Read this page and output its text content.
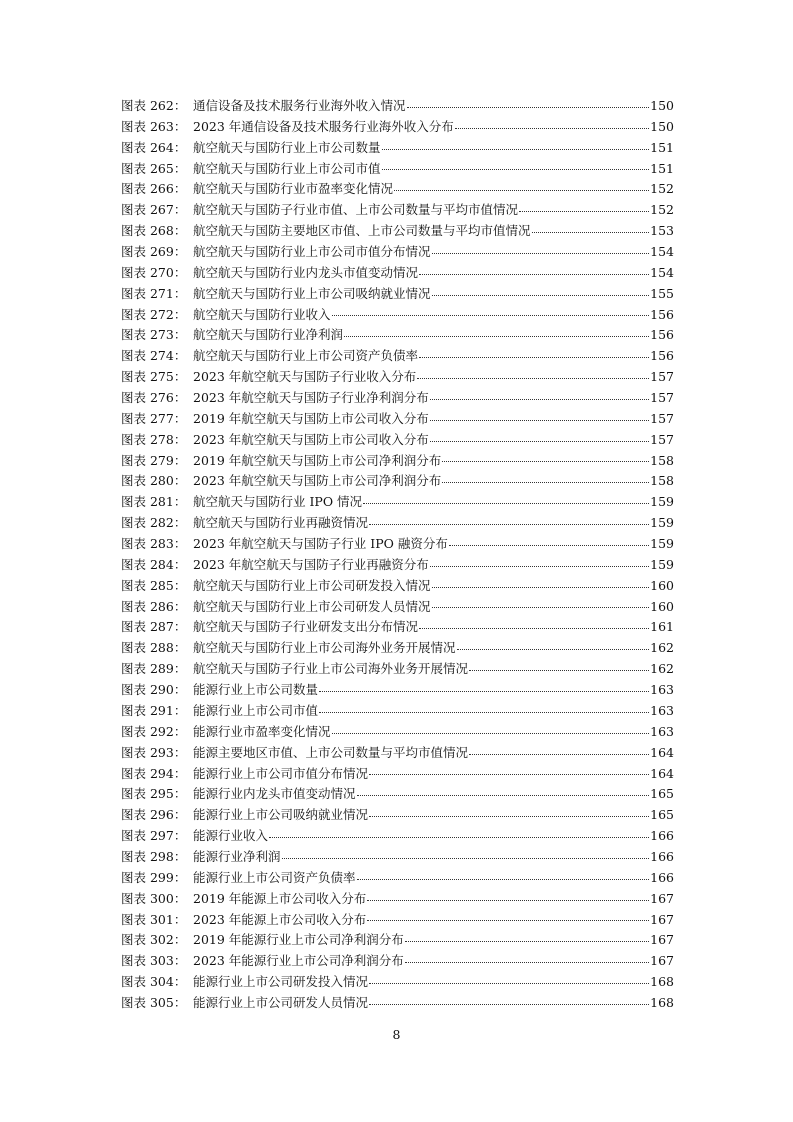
图表 262： 通信设备及技术服务行业海外收入情况	150
图表 263： 2023 年通信设备及技术服务行业海外收入分布	150
图表 264： 航空航天与国防行业上市公司数量	151
图表 265： 航空航天与国防行业上市公司市值	151
图表 266： 航空航天与国防行业市盈率变化情况	152
图表 267： 航空航天与国防子行业市值、上市公司数量与平均市值情况	152
图表 268： 航空航天与国防主要地区市值、上市公司数量与平均市值情况	153
图表 269： 航空航天与国防行业上市公司市值分布情况	154
图表 270： 航空航天与国防行业内龙头市值变动情况	154
图表 271： 航空航天与国防行业上市公司吸纳就业情况	155
图表 272： 航空航天与国防行业收入	156
图表 273： 航空航天与国防行业净利润	156
图表 274： 航空航天与国防行业上市公司资产负债率	156
图表 275： 2023 年航空航天与国防子行业收入分布	157
图表 276： 2023 年航空航天与国防子行业净利润分布	157
图表 277： 2019 年航空航天与国防上市公司收入分布	157
图表 278： 2023 年航空航天与国防上市公司收入分布	157
图表 279： 2019 年航空航天与国防上市公司净利润分布	158
图表 280： 2023 年航空航天与国防上市公司净利润分布	158
图表 281： 航空航天与国防行业 IPO 情况	159
图表 282： 航空航天与国防行业再融资情况	159
图表 283： 2023 年航空航天与国防子行业 IPO 融资分布	159
图表 284： 2023 年航空航天与国防子行业再融资分布	159
图表 285： 航空航天与国防行业上市公司研发投入情况	160
图表 286： 航空航天与国防行业上市公司研发人员情况	160
图表 287： 航空航天与国防子行业研发支出分布情况	161
图表 288： 航空航天与国防行业上市公司海外业务开展情况	162
图表 289： 航空航天与国防子行业上市公司海外业务开展情况	162
图表 290： 能源行业上市公司数量	163
图表 291： 能源行业上市公司市值	163
图表 292： 能源行业市盈率变化情况	163
图表 293： 能源主要地区市值、上市公司数量与平均市值情况	164
图表 294： 能源行业上市公司市值分布情况	164
图表 295： 能源行业内龙头市值变动情况	165
图表 296： 能源行业上市公司吸纳就业情况	165
图表 297： 能源行业收入	166
图表 298： 能源行业净利润	166
图表 299： 能源行业上市公司资产负债率	166
图表 300： 2019 年能源上市公司收入分布	167
图表 301： 2023 年能源上市公司收入分布	167
图表 302： 2019 年能源行业上市公司净利润分布	167
图表 303： 2023 年能源行业上市公司净利润分布	167
图表 304： 能源行业上市公司研发投入情况	168
图表 305： 能源行业上市公司研发人员情况	168
8
